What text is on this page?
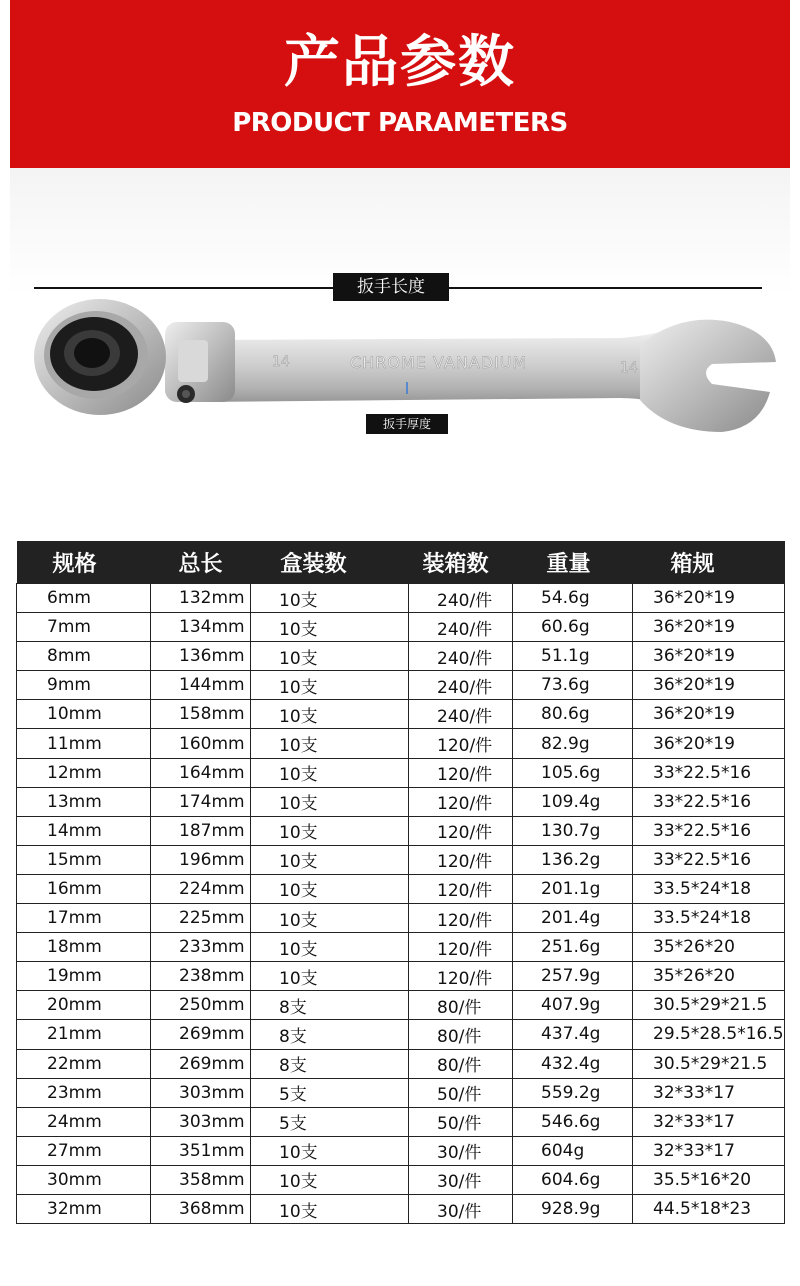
产品参数
PRODUCT PARAMETERS
扳手长度
14	CHROME VANADIUM	14
扳手厚度
规格	总长	盒装数	装箱数	重量	箱规
6mm	132mm	10支	240/件	54.6g	36*20*19
7mm	134mm	10支	240/件	60.6g	36*20*19
8mm	136mm	10支	240/件	51.1g	36*20*19
9mm	144mm	10支	240/件	73.6g	36*20*19
10mm	158mm	10支	240/件	80.6g	36*20*19
11mm	160mm	10支	120/件	82.9g	36*20*19
12mm	164mm	10支	120/件	105.6g	33*22.5*16
13mm	174mm	10支	120/件	109.4g	33*22.5*16
14mm	187mm	10支	120/件	130.7g	33*22.5*16
15mm	196mm	10支	120/件	136.2g	33*22.5*16
16mm	224mm	10支	120/件	201.1g	33.5*24*18
17mm	225mm	10支	120/件	201.4g	33.5*24*18
18mm	233mm	10支	120/件	251.6g	35*26*20
19mm	238mm	10支	120/件	257.9g	35*26*20
20mm	250mm	8支	80/件	407.9g	30.5*29*21.5
21mm	269mm	8支	80/件	437.4g	29.5*28.5*16.5
22mm	269mm	8支	80/件	432.4g	30.5*29*21.5
23mm	303mm	5支	50/件	559.2g	32*33*17
24mm	303mm	5支	50/件	546.6g	32*33*17
27mm	351mm	10支	30/件	604g	32*33*17
30mm	358mm	10支	30/件	604.6g	35.5*16*20
32mm	368mm	10支	30/件	928.9g	44.5*18*23
